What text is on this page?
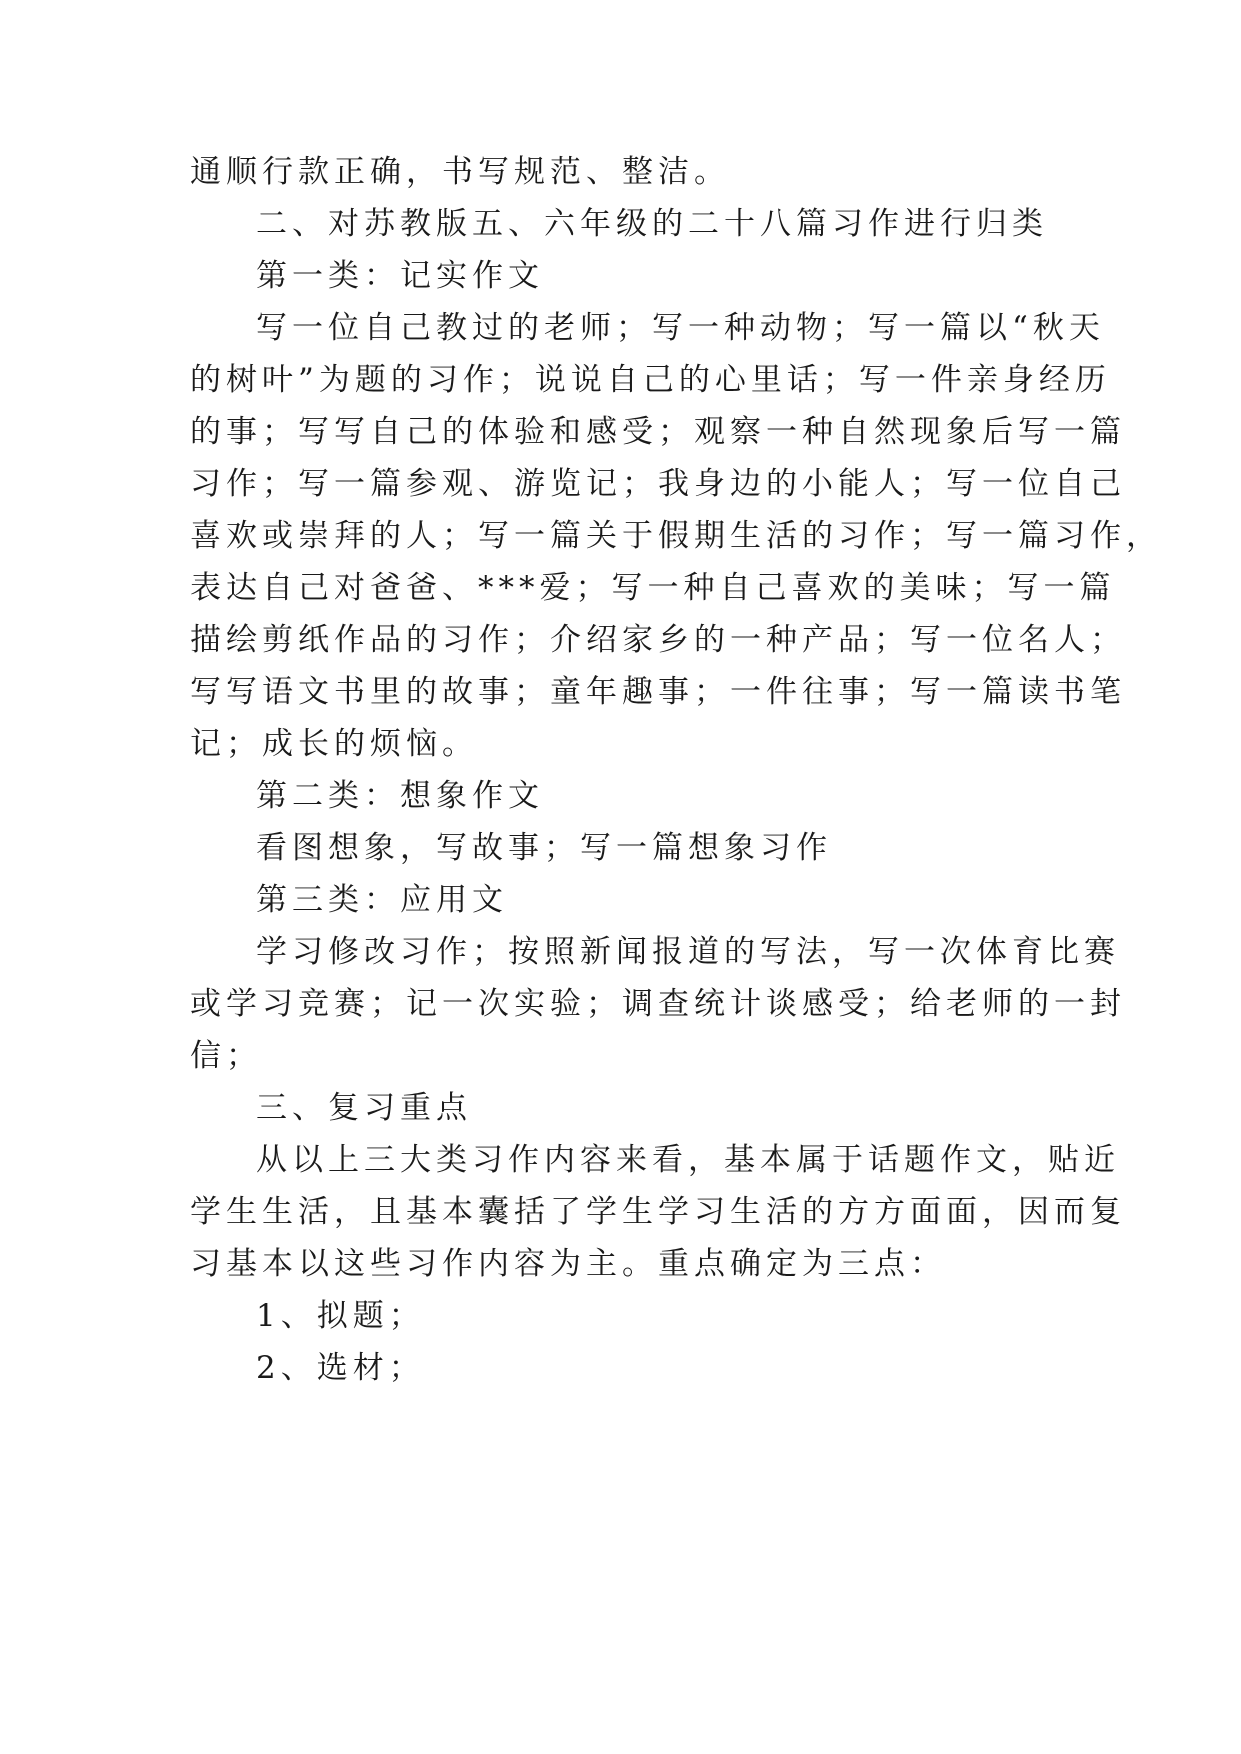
通顺行款正确，书写规范、整洁。
二、对苏教版五、六年级的二十八篇习作进行归类
第一类：记实作文
写一位自己教过的老师；写一种动物；写一篇以“秋天
的树叶”为题的习作；说说自己的心里话；写一件亲身经历
的事；写写自己的体验和感受；观察一种自然现象后写一篇
习作；写一篇参观、游览记；我身边的小能人；写一位自己
喜欢或崇拜的人；写一篇关于假期生活的习作；写一篇习作，
表达自己对爸爸、***爱；写一种自己喜欢的美味；写一篇
描绘剪纸作品的习作；介绍家乡的一种产品；写一位名人；
写写语文书里的故事；童年趣事；一件往事；写一篇读书笔
记；成长的烦恼。
第二类：想象作文
看图想象，写故事；写一篇想象习作
第三类：应用文
学习修改习作；按照新闻报道的写法，写一次体育比赛
或学习竞赛；记一次实验；调查统计谈感受；给老师的一封
信；
三、复习重点
从以上三大类习作内容来看，基本属于话题作文，贴近
学生生活，且基本囊括了学生学习生活的方方面面，因而复
习基本以这些习作内容为主。重点确定为三点：
1、拟题；
2、选材；
